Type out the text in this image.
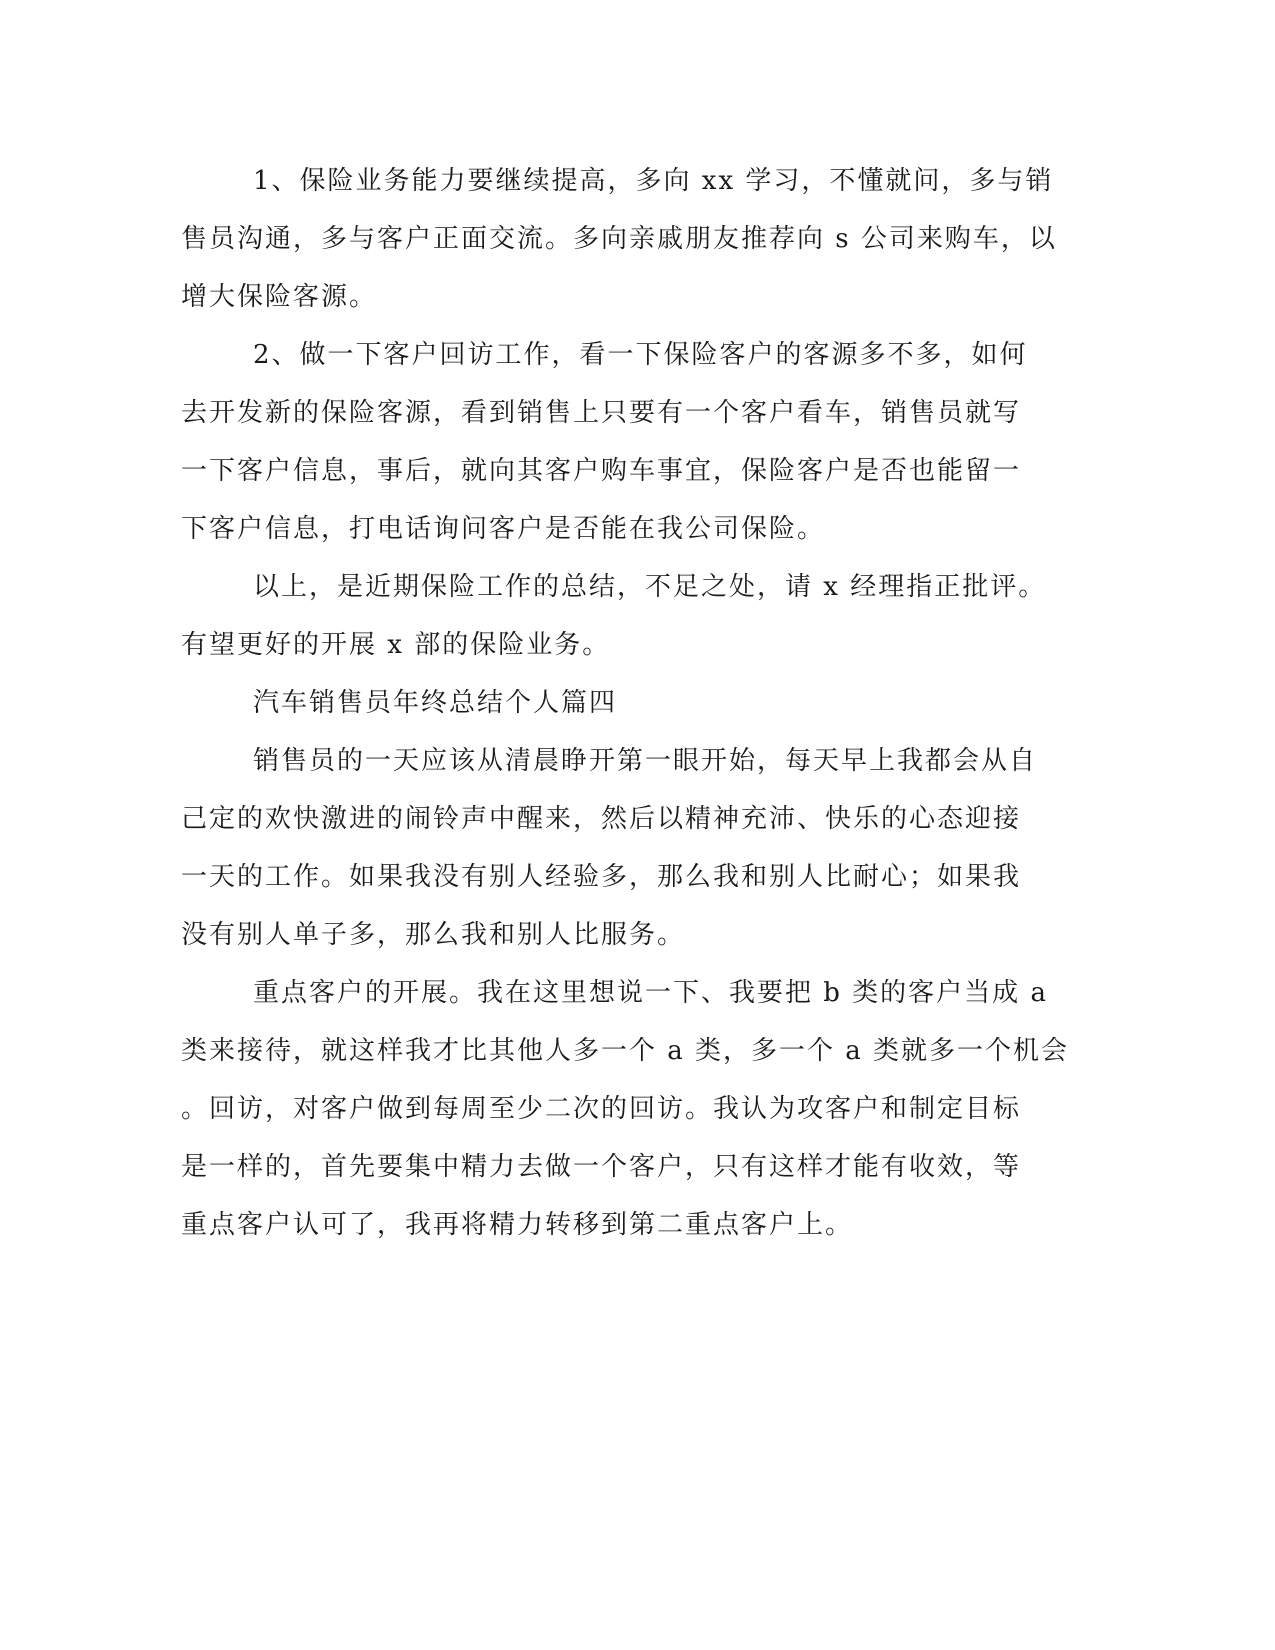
1、保险业务能力要继续提高，多向 xx 学习，不懂就问，多与销
售员沟通，多与客户正面交流。多向亲戚朋友推荐向 s 公司来购车，以
增大保险客源。

2、做一下客户回访工作，看一下保险客户的客源多不多，如何
去开发新的保险客源，看到销售上只要有一个客户看车，销售员就写
一下客户信息，事后，就向其客户购车事宜，保险客户是否也能留一
下客户信息，打电话询问客户是否能在我公司保险。

以上，是近期保险工作的总结，不足之处，请 x 经理指正批评。
有望更好的开展 x 部的保险业务。

汽车销售员年终总结个人篇四

销售员的一天应该从清晨睁开第一眼开始，每天早上我都会从自
己定的欢快激进的闹铃声中醒来，然后以精神充沛、快乐的心态迎接
一天的工作。如果我没有别人经验多，那么我和别人比耐心；如果我
没有别人单子多，那么我和别人比服务。

重点客户的开展。我在这里想说一下、我要把 b 类的客户当成 a
类来接待，就这样我才比其他人多一个 a 类，多一个 a 类就多一个机会
。回访，对客户做到每周至少二次的回访。我认为攻客户和制定目标
是一样的，首先要集中精力去做一个客户，只有这样才能有收效，等
重点客户认可了，我再将精力转移到第二重点客户上。
